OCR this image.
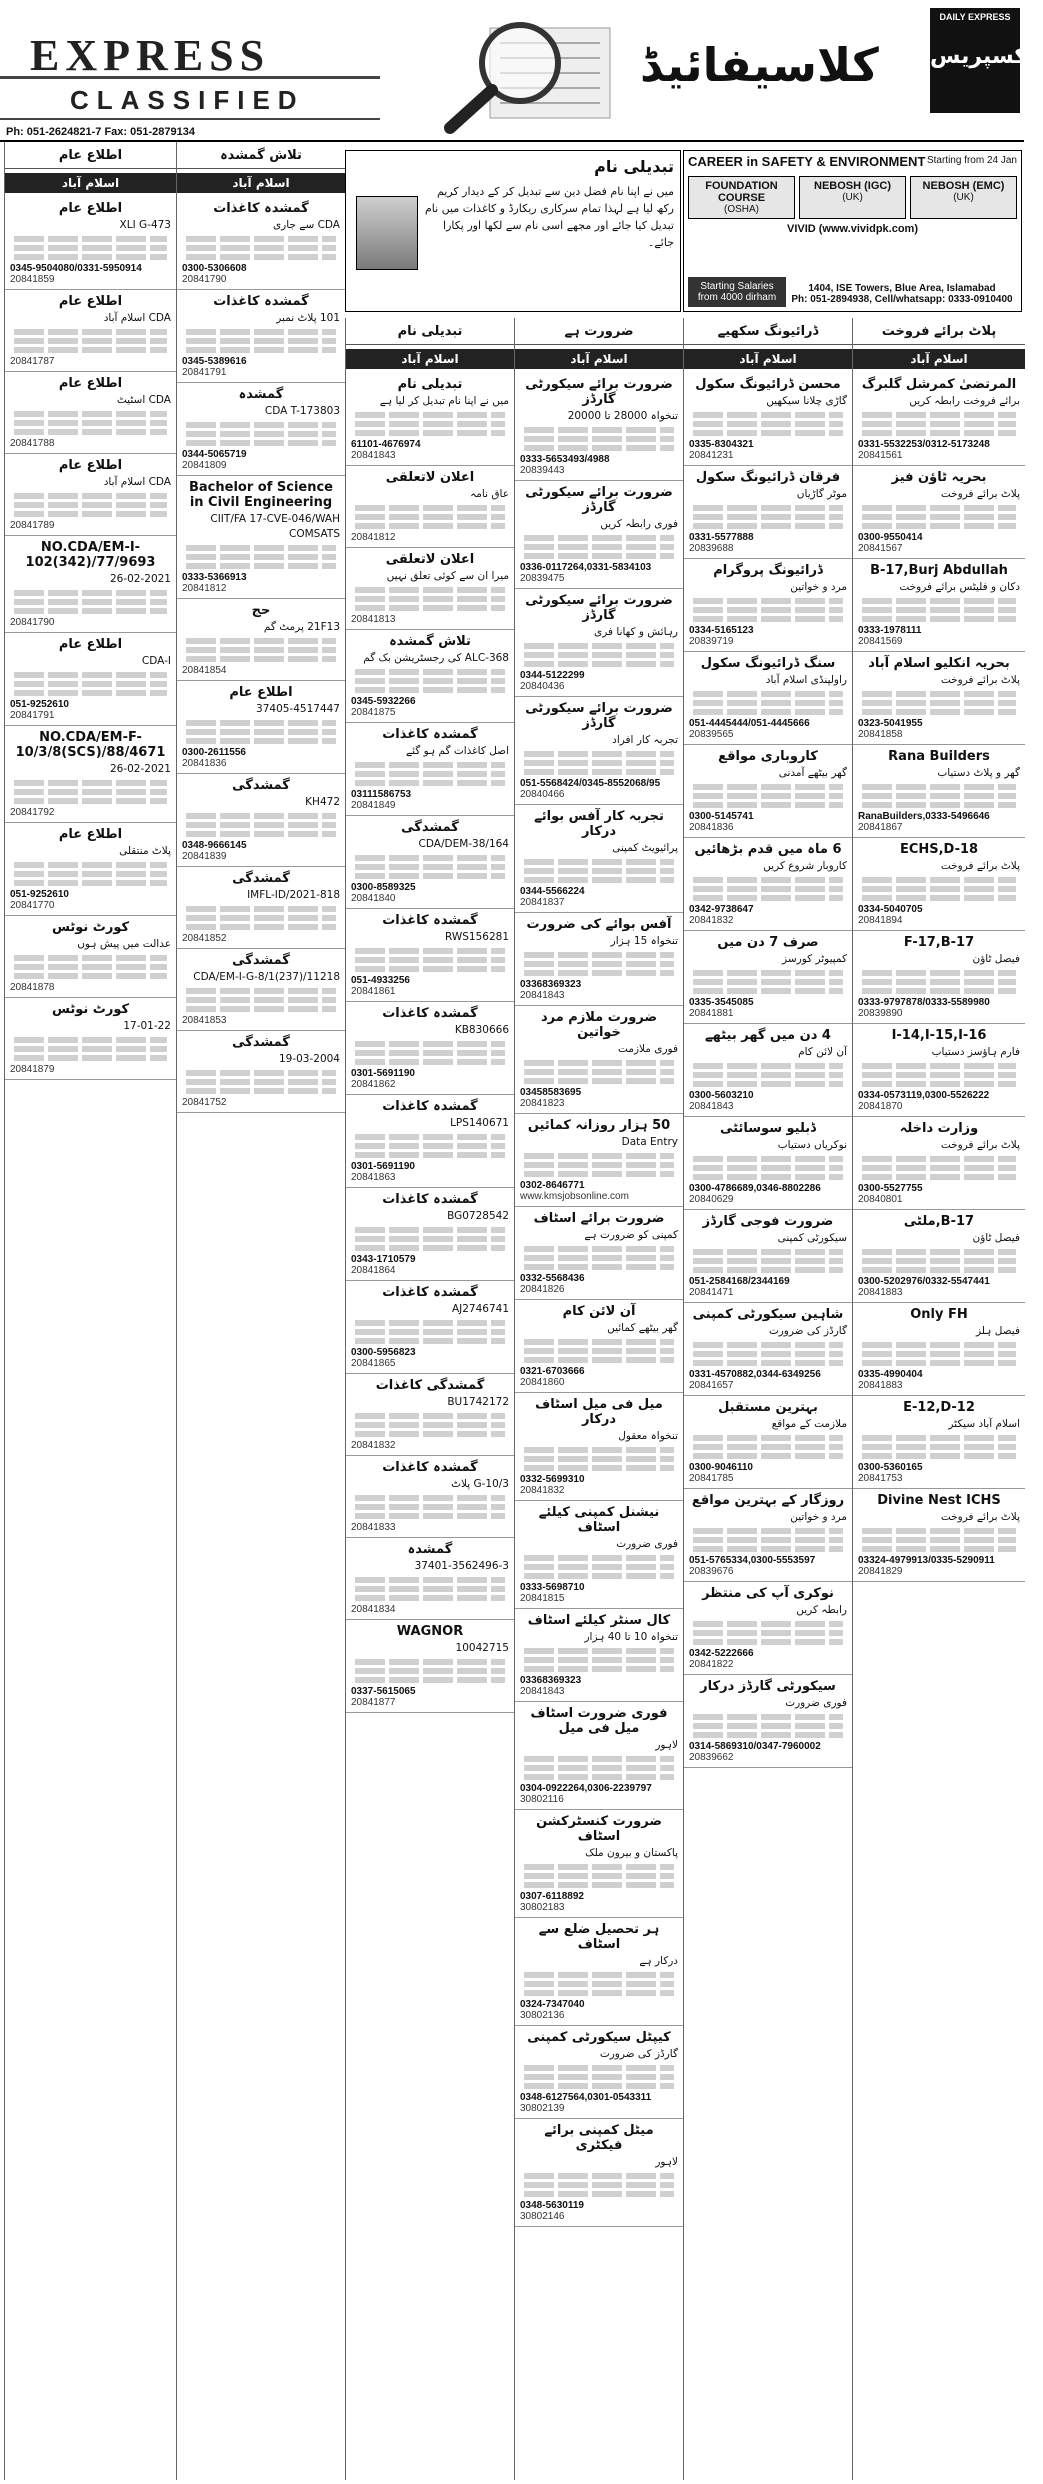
EXPRESS
CLASSIFIED
Ph: 051-2624821-7 Fax: 051-2879134
کلاسیفائیڈ
DAILY EXPRESS
ایکسپریس
CAREER in SAFETY & ENVIRONMENT Starting from 24 Jan
FOUNDATION COURSE
(OSHA)
NEBOSH (IGC)
(UK)
NEBOSH (EMC)
(UK)
VIVID (www.vividpk.com)
Starting Salaries from 4000 dirham
1404, ISE Towers, Blue Area, Islamabad
Ph: 051-2894938, Cell/whatsapp: 0333-0910400
تبدیلی نام
میں نے اپنا نام فضل دین سے تبدیل کر کے دیدار کریم رکھ لیا ہے لہذا تمام سرکاری ریکارڈ و کاغذات میں نام تبدیل کیا جائے اور مجھے اسی نام سے لکھا اور پکارا جائے۔
پلاٹ برائے فروخت
اسلام آباد
المرتضیٰ کمرشل گلبرگ
برائے فروخت رابطہ کریں
0331-5532253/0312-5173248
20841561
بحریہ ٹاؤن فیز
پلاٹ برائے فروخت
0300-9550414
20841567
B-17,Burj Abdullah
دکان و فلیٹس برائے فروخت
0333-1978111
20841569
بحریہ انکلیو اسلام آباد
پلاٹ برائے فروخت
0323-5041955
20841858
Rana Builders
گھر و پلاٹ دستیاب
RanaBuilders,0333-5496646
20841867
ECHS,D-18
پلاٹ برائے فروخت
0334-5040705
20841894
F-17,B-17
فیصل ٹاؤن
0333-9797878/0333-5589980
20839890
I-14,I-15,I-16
فارم ہاؤسز دستیاب
0334-0573119,0300-5526222
20841870
وزارت داخلہ
پلاٹ برائے فروخت
0300-5527755
20840801
B-17,ملٹی
فیصل ٹاؤن
0300-5202976/0332-5547441
20841883
Only FH
فیصل ہلز
0335-4990404
20841883
E-12,D-12
اسلام آباد سیکٹر
0300-5360165
20841753
Divine Nest ICHS
پلاٹ برائے فروخت
03324-4979913/0335-5290911
20841829
ڈرائیونگ سکھیے
اسلام آباد
محسن ڈرائیونگ سکول
گاڑی چلانا سیکھیں
0335-8304321
20841231
فرقان ڈرائیونگ سکول
موٹر گاڑیاں
0331-5577888
20839688
ڈرائیونگ پروگرام
مرد و خواتین
0334-5165123
20839719
سنگ ڈرائیونگ سکول
راولپنڈی اسلام آباد
051-4445444/051-4445666
20839565
کاروباری مواقع
گھر بیٹھے آمدنی
0300-5145741
20841836
6 ماہ میں قدم بڑھائیں
کاروبار شروع کریں
0342-9738647
20841832
صرف 7 دن میں
کمپیوٹر کورسز
0335-3545085
20841881
4 دن میں گھر بیٹھے
آن لائن کام
0300-5603210
20841843
ڈبلیو سوسائٹی
نوکریاں دستیاب
0300-4786689,0346-8802286
20840629
ضرورت فوجی گارڈز
سیکورٹی کمپنی
051-2584168/2344169
20841471
شاہین سیکورٹی کمپنی
گارڈز کی ضرورت
0331-4570882,0344-6349256
20841657
بہترین مستقبل
ملازمت کے مواقع
0300-9046110
20841785
روزگار کے بہترین مواقع
مرد و خواتین
051-5765334,0300-5553597
20839676
نوکری آپ کی منتظر
رابطہ کریں
0342-5222666
20841822
سیکورٹی گارڈز درکار
فوری ضرورت
0314-5869310/0347-7960002
20839662
ضرورت ہے
اسلام آباد
ضرورت برائے سیکورٹی گارڈز
تنخواہ 28000 تا 20000
0333-5653493/4988
20839443
ضرورت برائے سیکورٹی گارڈز
فوری رابطہ کریں
0336-0117264,0331-5834103
20839475
ضرورت برائے سیکورٹی گارڈز
رہائش و کھانا فری
0344-5122299
20840436
ضرورت برائے سیکورٹی گارڈز
تجربہ کار افراد
051-5568424/0345-8552068/95
20840466
تجربہ کار آفس بوائے درکار
پرائیویٹ کمپنی
0344-5566224
20841837
آفس بوائے کی ضرورت
تنخواہ 15 ہزار
03368369323
20841843
ضرورت ملازم مرد خواتین
فوری ملازمت
03458583695
20841823
50 ہزار روزانہ کمائیں
Data Entry
0302-8646771
www.kmsjobsonline.com
ضرورت برائے اسٹاف
کمپنی کو ضرورت ہے
0332-5568436
20841826
آن لائن کام
گھر بیٹھے کمائیں
0321-6703666
20841860
میل فی میل اسٹاف درکار
تنخواہ معقول
0332-5699310
20841832
نیشنل کمپنی کیلئے اسٹاف
فوری ضرورت
0333-5698710
20841815
کال سنٹر کیلئے اسٹاف
تنخواہ 10 تا 40 ہزار
03368369323
20841843
فوری ضرورت اسٹاف میل فی میل
لاہور
0304-0922264,0306-2239797
30802116
ضرورت کنسٹرکشن اسٹاف
پاکستان و بیرون ملک
0307-6118892
30802183
ہر تحصیل ضلع سے اسٹاف
درکار ہے
0324-7347040
30802136
کیپٹل سیکورٹی کمپنی
گارڈز کی ضرورت
0348-6127564,0301-0543311
30802139
میٹل کمپنی برائے فیکٹری
لاہور
0348-5630119
30802146
تبدیلی نام
اسلام آباد
تبدیلی نام
میں نے اپنا نام تبدیل کر لیا ہے
61101-4676974
20841843
اعلان لاتعلقی
عاق نامہ
20841812
اعلان لاتعلقی
میرا ان سے کوئی تعلق نہیں
20841813
تلاش گمشدہ
ALC-368 کی رجسٹریشن بک گم
0345-5932266
20841875
گمشدہ کاغذات
اصل کاغذات گم ہو گئے
03111586753
20841849
گمشدگی
CDA/DEM-38/164
0300-8589325
20841840
گمشدہ کاغذات
RWS156281
051-4933256
20841861
گمشدہ کاغذات
KB830666
0301-5691190
20841862
گمشدہ کاغذات
LPS140671
0301-5691190
20841863
گمشدہ کاغذات
BG0728542
0343-1710579
20841864
گمشدہ کاغذات
AJ2746741
0300-5956823
20841865
گمشدگی کاغذات
BU1742172
20841832
گمشدہ کاغذات
G-10/3 پلاٹ
20841833
گمشدہ
37401-3562496-3
20841834
WAGNOR
10042715
0337-5615065
20841877
تلاش گمشدہ
اسلام آباد
گمشدہ کاغذات
CDA سے جاری
0300-5306608
20841790
گمشدہ کاغذات
101 پلاٹ نمبر
0345-5389616
20841791
گمشدہ
CDA T-173803
0344-5065719
20841809
Bachelor of Science in Civil Engineering
CIIT/FA 17-CVE-046/WAH COMSATS
0333-5366913
20841812
حج
21F13 پرمٹ گم
20841854
اطلاع عام
37405-4517447
0300-2611556
20841836
گمشدگی
KH472
0348-9666145
20841839
گمشدگی
IMFL-ID/2021-818
20841852
گمشدگی
CDA/EM-I-G-8/1(237)/11218
20841853
گمشدگی
19-03-2004
20841752
اطلاع عام
اسلام آباد
اطلاع عام
XLI G-473
0345-9504080/0331-5950914
20841859
اطلاع عام
CDA اسلام آباد
20841787
اطلاع عام
CDA اسٹیٹ
20841788
اطلاع عام
CDA اسلام آباد
20841789
NO.CDA/EM-I-102(342)/77/9693
26-02-2021
20841790
اطلاع عام
CDA-I
051-9252610
20841791
NO.CDA/EM-F-10/3/8(SCS)/88/4671
26-02-2021
20841792
اطلاع عام
پلاٹ منتقلی
051-9252610
20841770
کورٹ نوٹس
عدالت میں پیش ہوں
20841878
کورٹ نوٹس
17-01-22
20841879
